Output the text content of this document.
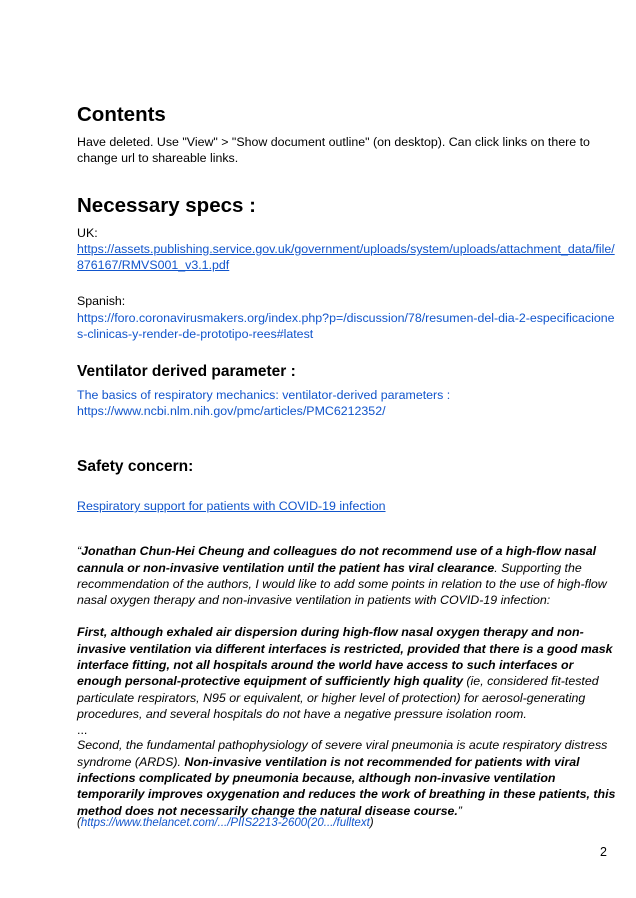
Contents

Have deleted. Use "View" > "Show document outline" (on desktop). Can click links on there to change url to shareable links.

Necessary specs :

UK:

https://assets.publishing.service.gov.uk/government/uploads/system/uploads/attachment_data/file/876167/RMVS001_v3.1.pdf

Spanish:

https://foro.coronavirusmakers.org/index.php?p=/discussion/78/resumen-del-dia-2-especificaciones-clinicas-y-render-de-prototipo-rees#latest

Ventilator derived parameter :

The basics of respiratory mechanics: ventilator-derived parameters :

https://www.ncbi.nlm.nih.gov/pmc/articles/PMC6212352/

Safety concern:

Respiratory support for patients with COVID-19 infection

“Jonathan Chun-Hei Cheung and colleagues do not recommend use of a high-flow nasal cannula or non-invasive ventilation until the patient has viral clearance. Supporting the recommendation of the authors, I would like to add some points in relation to the use of high-flow nasal oxygen therapy and non-invasive ventilation in patients with COVID-19 infection:

First, although exhaled air dispersion during high-flow nasal oxygen therapy and non-invasive ventilation via different interfaces is restricted, provided that there is a good mask interface fitting, not all hospitals around the world have access to such interfaces or enough personal-protective equipment of sufficiently high quality (ie, considered fit-tested particulate respirators, N95 or equivalent, or higher level of protection) for aerosol-generating procedures, and several hospitals do not have a negative pressure isolation room.

...

Second, the fundamental pathophysiology of severe viral pneumonia is acute respiratory distress syndrome (ARDS). Non-invasive ventilation is not recommended for patients with viral infections complicated by pneumonia because, although non-invasive ventilation temporarily improves oxygenation and reduces the work of breathing in these patients, this method does not necessarily change the natural disease course.”

(https://www.thelancet.com/.../PIIS2213-2600(20.../fulltext)

2
